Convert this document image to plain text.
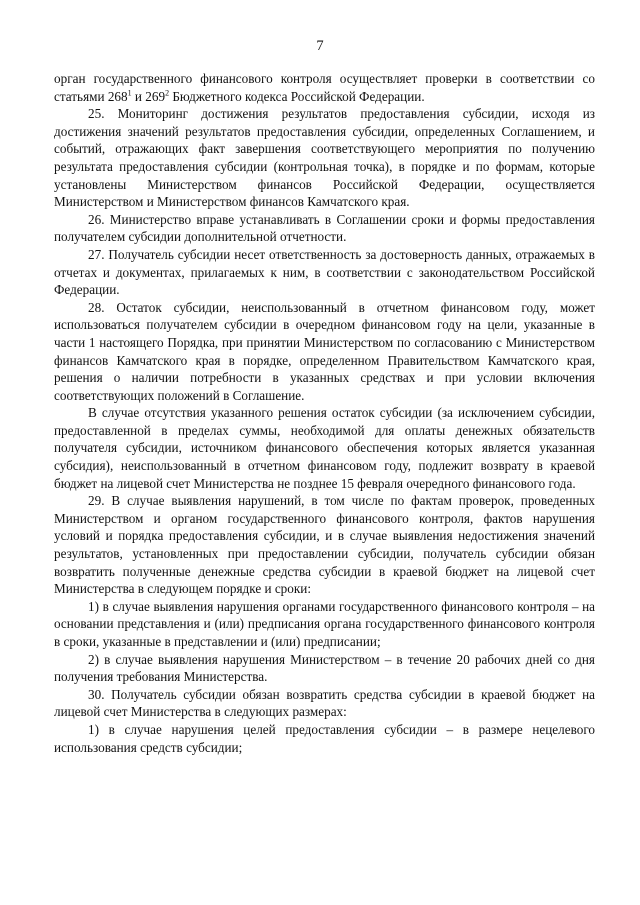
7

орган государственного финансового контроля осуществляет проверки в соответствии со статьями $268^1$ и $269^2$ Бюджетного кодекса Российской Федерации.

25. Мониторинг достижения результатов предоставления субсидии, исходя из достижения значений результатов предоставления субсидии, определенных Соглашением, и событий, отражающих факт завершения соответствующего мероприятия по получению результата предоставления субсидии (контрольная точка), в порядке и по формам, которые установлены Министерством финансов Российской Федерации, осуществляется Министерством и Министерством финансов Камчатского края.

26. Министерство вправе устанавливать в Соглашении сроки и формы предоставления получателем субсидии дополнительной отчетности.

27. Получатель субсидии несет ответственность за достоверность данных, отражаемых в отчетах и документах, прилагаемых к ним, в соответствии с законодательством Российской Федерации.

28. Остаток субсидии, неиспользованный в отчетном финансовом году, может использоваться получателем субсидии в очередном финансовом году на цели, указанные в части 1 настоящего Порядка, при принятии Министерством по согласованию с Министерством финансов Камчатского края в порядке, определенном Правительством Камчатского края, решения о наличии потребности в указанных средствах и при условии включения соответствующих положений в Соглашение.

В случае отсутствия указанного решения остаток субсидии (за исключением субсидии, предоставленной в пределах суммы, необходимой для оплаты денежных обязательств получателя субсидии, источником финансового обеспечения которых является указанная субсидия), неиспользованный в отчетном финансовом году, подлежит возврату в краевой бюджет на лицевой счет Министерства не позднее 15 февраля очередного финансового года.

29. В случае выявления нарушений, в том числе по фактам проверок, проведенных Министерством и органом государственного финансового контроля, фактов нарушения условий и порядка предоставления субсидии, и в случае выявления недостижения значений результатов, установленных при предоставлении субсидии, получатель субсидии обязан возвратить полученные денежные средства субсидии в краевой бюджет на лицевой счет Министерства в следующем порядке и сроки:

1) в случае выявления нарушения органами государственного финансового контроля – на основании представления и (или) предписания органа государственного финансового контроля в сроки, указанные в представлении и (или) предписании;

2) в случае выявления нарушения Министерством – в течение 20 рабочих дней со дня получения требования Министерства.

30. Получатель субсидии обязан возвратить средства субсидии в краевой бюджет на лицевой счет Министерства в следующих размерах:

1) в случае нарушения целей предоставления субсидии – в размере нецелевого использования средств субсидии;
